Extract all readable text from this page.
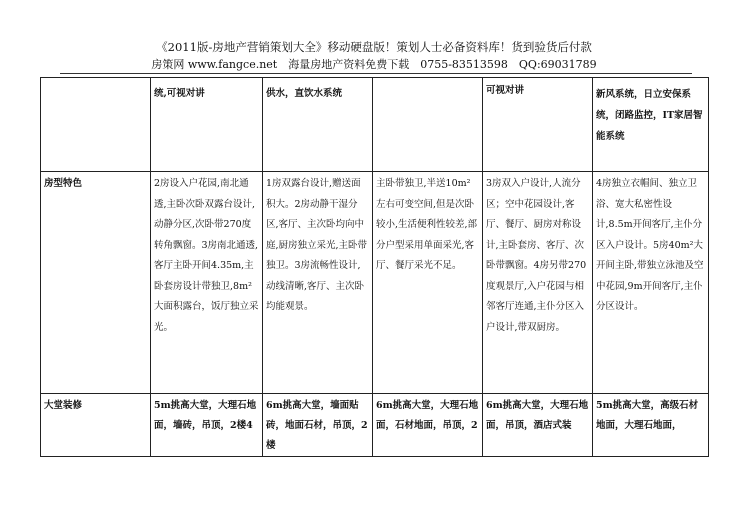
《2011版-房地产营销策划大全》移动硬盘版！策划人士必备资料库！货到验货后付款
房策网 www.fangce.net　海量房地产资料免费下载　0755-83513598　QQ:69031789

	统,可视对讲	供水，直饮水系统		可视对讲	新风系统，日立安保系统，闭路监控，IT家居智能系统

房型特色	2房设入户花园,南北通透,主卧次卧双露台设计,动静分区,次卧带270度转角飘窗。3房南北通透,客厅主卧开间4.35m,主卧套房设计带独卫,8m²大面积露台，饭厅独立采光。	1房双露台设计,赠送面积大。2房动静干湿分区,客厅、主次卧均向中庭,厨房独立采光,主卧带独卫。3房流畅性设计,动线清晰,客厅、主次卧均能观景。	主卧带独卫,半送10m²左右可变空间,但是次卧较小,生活便利性较差,部分户型采用单面采光,客厅、餐厅采光不足。	3房双入户设计,人流分区；空中花园设计,客厅、餐厅、厨房对称设计,主卧套房、客厅、次卧带飘窗。4房另带270度观景厅,入户花园与相邻客厅连通,主仆分区入户设计,带双厨房。	4房独立衣帽间、独立卫浴、宽大私密性设计,8.5m开间客厅,主仆分区入户设计。5房40m²大开间主卧,带独立泳池及空中花园,9m开间客厅,主仆分区设计。
大堂装修	5m挑高大堂，大理石地面，墙砖，吊顶，2楼4	6m挑高大堂，墙面贴砖，地面石材，吊顶，2楼	6m挑高大堂，大理石地面，石材地面，吊顶，2	6m挑高大堂，大理石地面，吊顶，酒店式装	5m挑高大堂，高级石材地面，大理石地面，
